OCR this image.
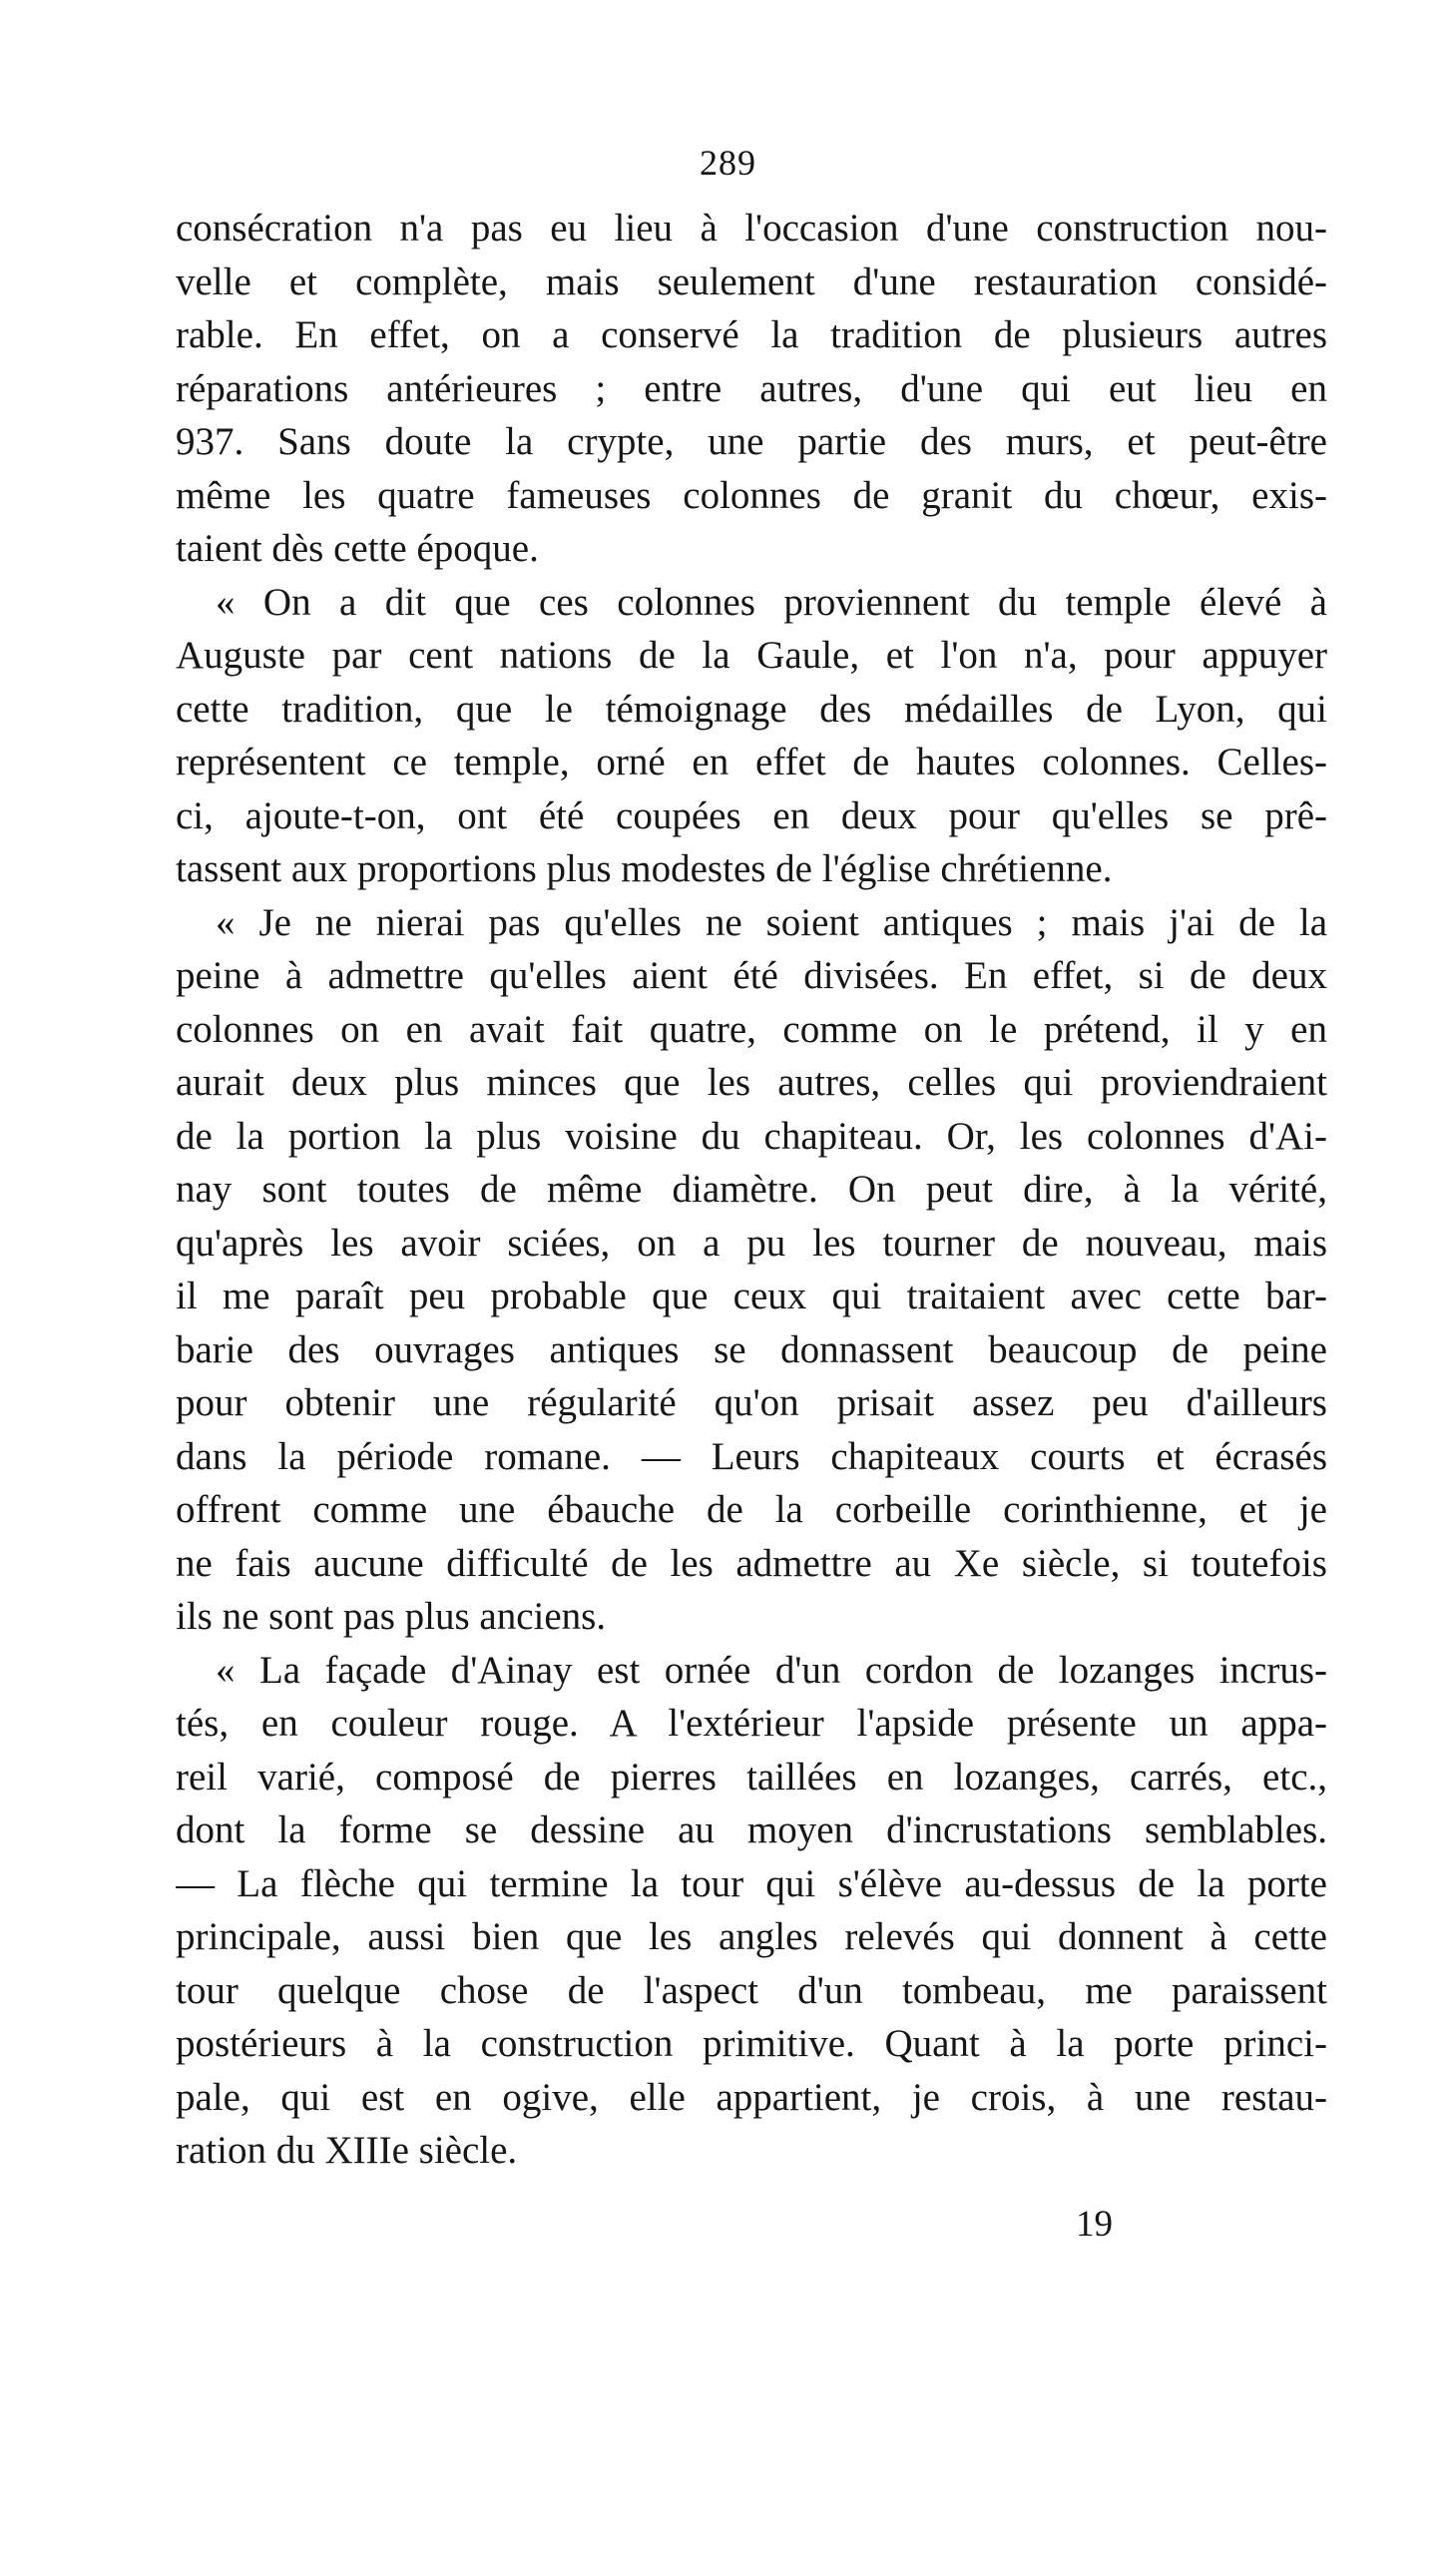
289
consécration n'a pas eu lieu à l'occasion d'une construction nou-
velle et complète, mais seulement d'une restauration considé-
rable. En effet, on a conservé la tradition de plusieurs autres
réparations antérieures ; entre autres, d'une qui eut lieu en
937. Sans doute la crypte, une partie des murs, et peut-être
même les quatre fameuses colonnes de granit du chœur, exis-
taient dès cette époque.
« On a dit que ces colonnes proviennent du temple élevé à
Auguste par cent nations de la Gaule, et l'on n'a, pour appuyer
cette tradition, que le témoignage des médailles de Lyon, qui
représentent ce temple, orné en effet de hautes colonnes. Celles-
ci, ajoute-t-on, ont été coupées en deux pour qu'elles se prê-
tassent aux proportions plus modestes de l'église chrétienne.
« Je ne nierai pas qu'elles ne soient antiques ; mais j'ai de la
peine à admettre qu'elles aient été divisées. En effet, si de deux
colonnes on en avait fait quatre, comme on le prétend, il y en
aurait deux plus minces que les autres, celles qui proviendraient
de la portion la plus voisine du chapiteau. Or, les colonnes d'Ai-
nay sont toutes de même diamètre. On peut dire, à la vérité,
qu'après les avoir sciées, on a pu les tourner de nouveau, mais
il me paraît peu probable que ceux qui traitaient avec cette bar-
barie des ouvrages antiques se donnassent beaucoup de peine
pour obtenir une régularité qu'on prisait assez peu d'ailleurs
dans la période romane. — Leurs chapiteaux courts et écrasés
offrent comme une ébauche de la corbeille corinthienne, et je
ne fais aucune difficulté de les admettre au Xe siècle, si toutefois
ils ne sont pas plus anciens.
« La façade d'Ainay est ornée d'un cordon de lozanges incrus-
tés, en couleur rouge. A l'extérieur l'apside présente un appa-
reil varié, composé de pierres taillées en lozanges, carrés, etc.,
dont la forme se dessine au moyen d'incrustations semblables.
— La flèche qui termine la tour qui s'élève au-dessus de la porte
principale, aussi bien que les angles relevés qui donnent à cette
tour quelque chose de l'aspect d'un tombeau, me paraissent
postérieurs à la construction primitive. Quant à la porte princi-
pale, qui est en ogive, elle appartient, je crois, à une restau-
ration du XIIIe siècle.
19
